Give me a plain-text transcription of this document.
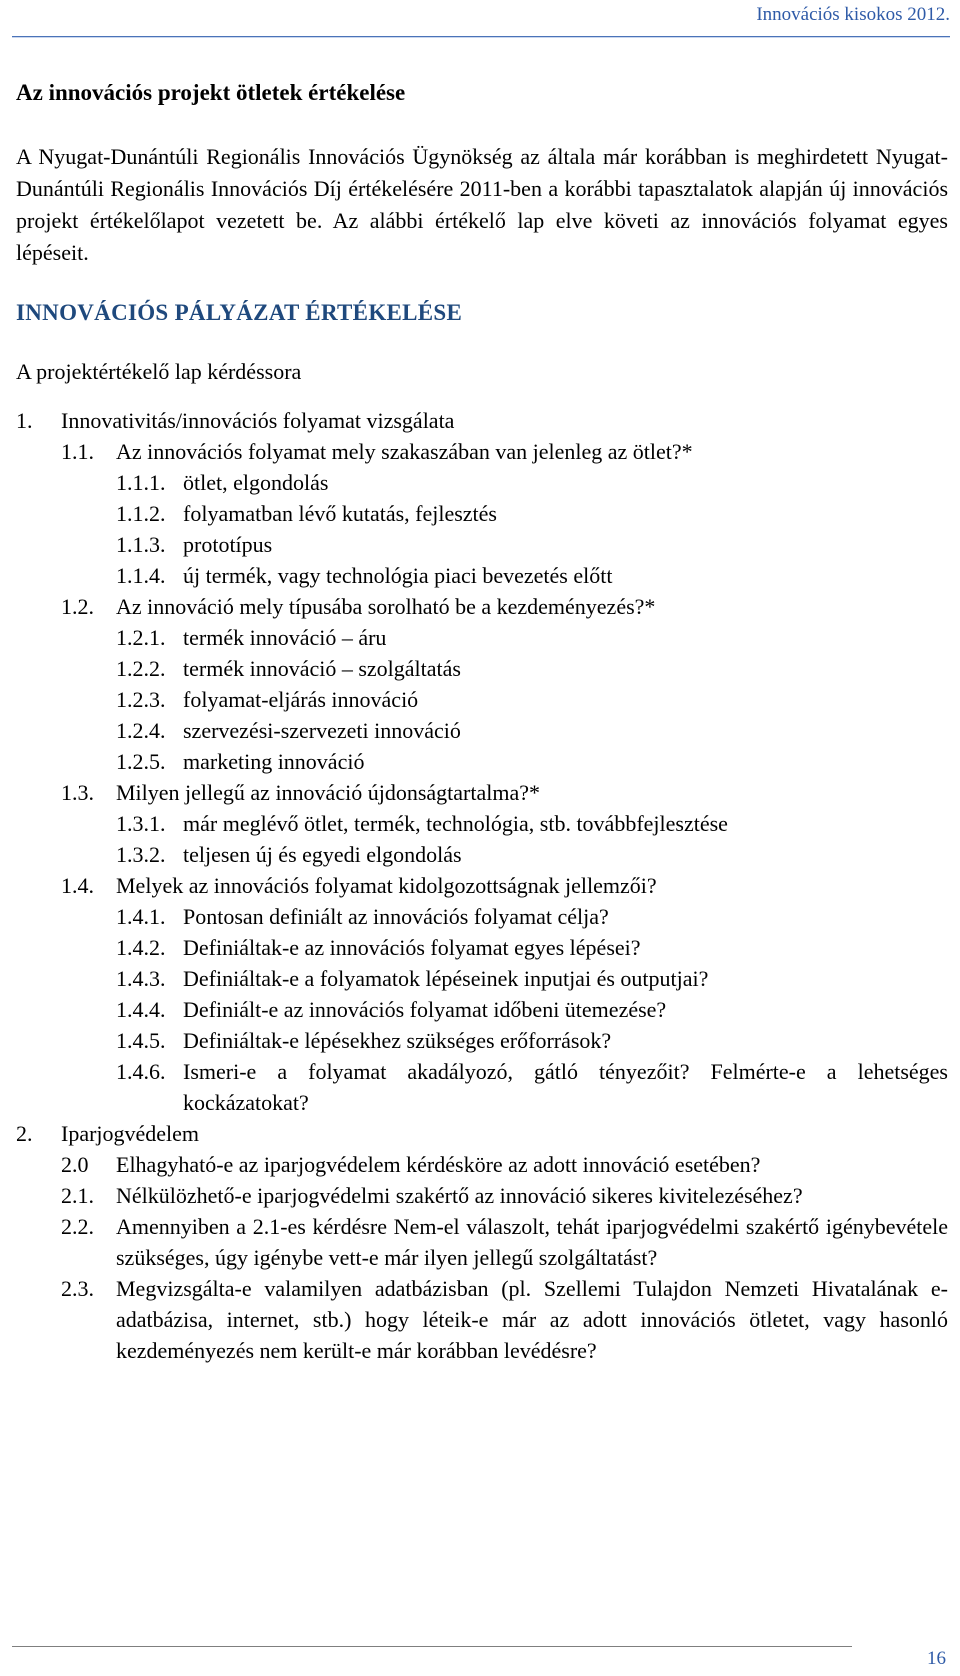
Innovációs kisokos 2012.
Az innovációs projekt ötletek értékelése

A Nyugat-Dunántúli Regionális Innovációs Ügynökség az általa már korábban is meghirdetett Nyugat-Dunántúli Regionális Innovációs Díj értékelésére 2011-ben a korábbi tapasztalatok alapján új innovációs projekt értékelőlapot vezetett be. Az alábbi értékelő lap elve követi az innovációs folyamat egyes lépéseit.

INNOVÁCIÓS PÁLYÁZAT ÉRTÉKELÉSE
A projektértékelő lap kérdéssora
1.	Innovativitás/innovációs folyamat vizsgálata
1.1.	Az innovációs folyamat mely szakaszában van jelenleg az ötlet?*
1.1.1. ötlet, elgondolás
1.1.2. folyamatban lévő kutatás, fejlesztés
1.1.3. prototípus
1.1.4. új termék, vagy technológia piaci bevezetés előtt
1.2.	Az innováció mely típusába sorolható be a kezdeményezés?*
1.2.1. termék innováció – áru
1.2.2. termék innováció – szolgáltatás
1.2.3. folyamat-eljárás innováció
1.2.4. szervezési-szervezeti innováció
1.2.5. marketing innováció
1.3.	Milyen jellegű az innováció újdonságtartalma?*
1.3.1. már meglévő ötlet, termék, technológia, stb. továbbfejlesztése
1.3.2. teljesen új és egyedi elgondolás
1.4.	Melyek az innovációs folyamat kidolgozottságnak jellemzői?
1.4.1. Pontosan definiált az innovációs folyamat célja?
1.4.2. Definiáltak-e az innovációs folyamat egyes lépései?
1.4.3. Definiáltak-e a folyamatok lépéseinek inputjai és outputjai?
1.4.4. Definiált-e az innovációs folyamat időbeni ütemezése?
1.4.5. Definiáltak-e lépésekhez szükséges erőforrások?
1.4.6. Ismeri-e a folyamat akadályozó, gátló tényezőit? Felmérte-e a lehetséges kockázatokat?
2.	Iparjogvédelem
2.0	Elhagyható-e az iparjogvédelem kérdésköre az adott innováció esetében?
2.1.	Nélkülözhető-e iparjogvédelmi szakértő az innováció sikeres kivitelezéséhez?
2.2.	Amennyiben a 2.1-es kérdésre Nem-el válaszolt, tehát iparjogvédelmi szakértő igénybevétele szükséges, úgy igénybe vett-e már ilyen jellegű szolgáltatást?
2.3.	Megvizsgálta-e valamilyen adatbázisban (pl. Szellemi Tulajdon Nemzeti Hivatalának e-adatbázisa, internet, stb.) hogy léteik-e már az adott innovációs ötletet, vagy hasonló kezdeményezés nem került-e már korábban levédésre?
16
